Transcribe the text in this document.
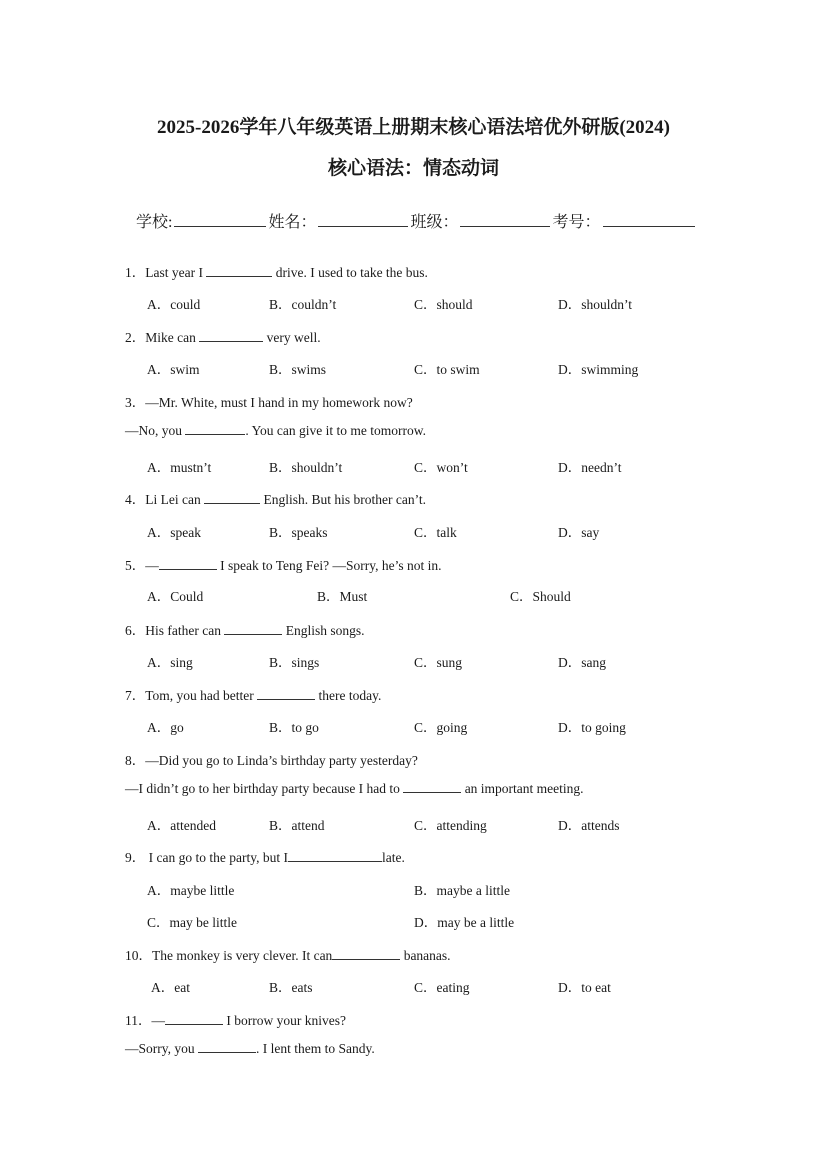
2025-2026学年八年级英语上册期末核心语法培优外研版(2024)
核心语法：情态动词
学校:	姓名：	班级：	考号：
1．Last year I	drive. I used to take the bus.
A．could	B．couldn’t	C．should	D．shouldn’t
2．Mike can	very well.
A．swim	B．swims	C．to swim	D．swimming
3．—Mr. White, must I hand in my homework now?
—No, you	. You can give it to me tomorrow.
A．mustn’t	B．shouldn’t	C．won’t	D．needn’t
4．Li Lei can	English. But his brother can’t.
A．speak	B．speaks	C．talk	D．say
5．—	I speak to Teng Fei? —Sorry, he’s not in.
A．Could	B．Must	C．Should
6．His father can	English songs.
A．sing	B．sings	C．sung	D．sang
7．Tom, you had better	there today.
A．go	B．to go	C．going	D．to going
8．—Did you go to Linda’s birthday party yesterday?
—I didn’t go to her birthday party because I had to	an important meeting.
A．attended	B．attend	C．attending	D．attends
9． I can go to the party, but I	late.
A．maybe little	B．maybe a little
C．may be little	D．may be a little
10．The monkey is very clever. It can	bananas.
A．eat	B．eats	C．eating	D．to eat
11．—	I borrow your knives?
—Sorry, you	. I lent them to Sandy.
